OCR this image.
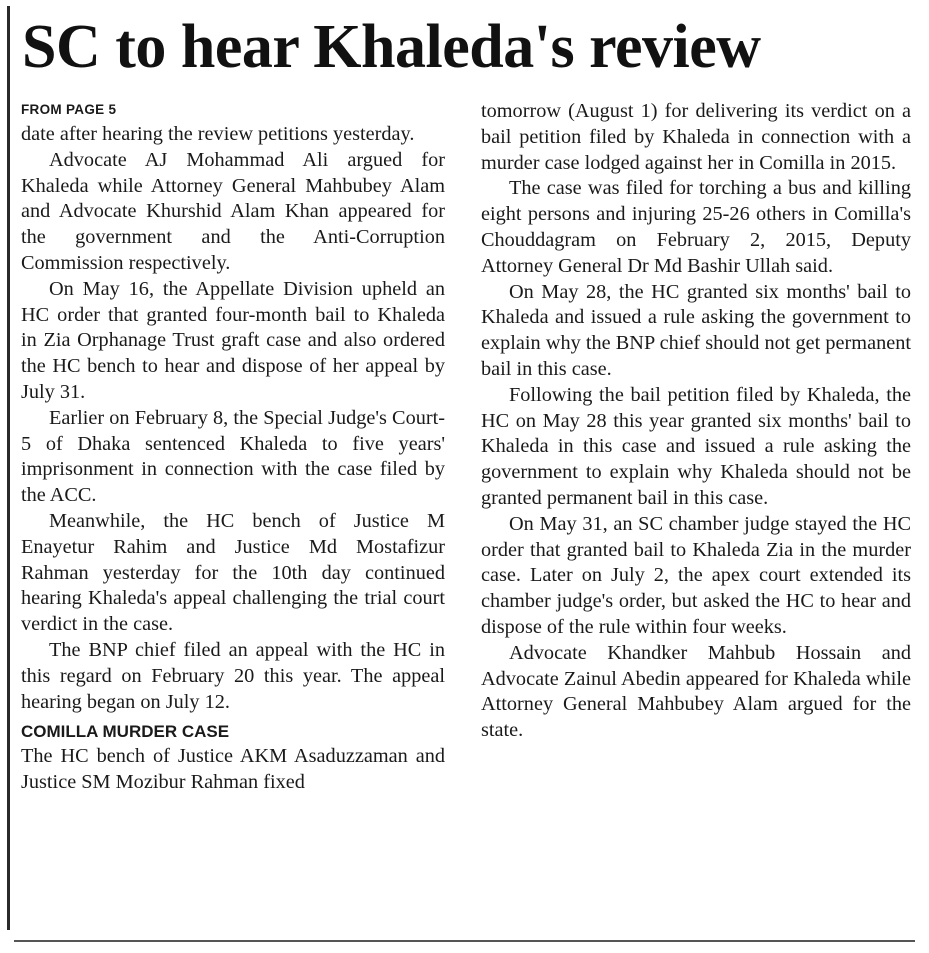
SC to hear Khaleda's review
FROM PAGE 5

date after hearing the review petitions yesterday.

Advocate AJ Mohammad Ali argued for Khaleda while Attorney General Mahbubey Alam and Advocate Khurshid Alam Khan appeared for the government and the Anti-Corruption Commission respectively.

On May 16, the Appellate Division upheld an HC order that granted four-month bail to Khaleda in Zia Orphanage Trust graft case and also ordered the HC bench to hear and dispose of her appeal by July 31.

Earlier on February 8, the Special Judge's Court-5 of Dhaka sentenced Khaleda to five years' imprisonment in connection with the case filed by the ACC.

Meanwhile, the HC bench of Justice M Enayetur Rahim and Justice Md Mostafizur Rahman yesterday for the 10th day continued hearing Khaleda's appeal challenging the trial court verdict in the case.

The BNP chief filed an appeal with the HC in this regard on February 20 this year. The appeal hearing began on July 12.

COMILLA MURDER CASE

The HC bench of Justice AKM Asaduzzaman and Justice SM Mozibur Rahman fixed

tomorrow (August 1) for delivering its verdict on a bail petition filed by Khaleda in connection with a murder case lodged against her in Comilla in 2015.

The case was filed for torching a bus and killing eight persons and injuring 25-26 others in Comilla's Chouddagram on February 2, 2015, Deputy Attorney General Dr Md Bashir Ullah said.

On May 28, the HC granted six months' bail to Khaleda and issued a rule asking the government to explain why the BNP chief should not get permanent bail in this case.

Following the bail petition filed by Khaleda, the HC on May 28 this year granted six months' bail to Khaleda in this case and issued a rule asking the government to explain why Khaleda should not be granted permanent bail in this case.

On May 31, an SC chamber judge stayed the HC order that granted bail to Khaleda Zia in the murder case. Later on July 2, the apex court extended its chamber judge's order, but asked the HC to hear and dispose of the rule within four weeks.

Advocate Khandker Mahbub Hossain and Advocate Zainul Abedin appeared for Khaleda while Attorney General Mahbubey Alam argued for the state.
